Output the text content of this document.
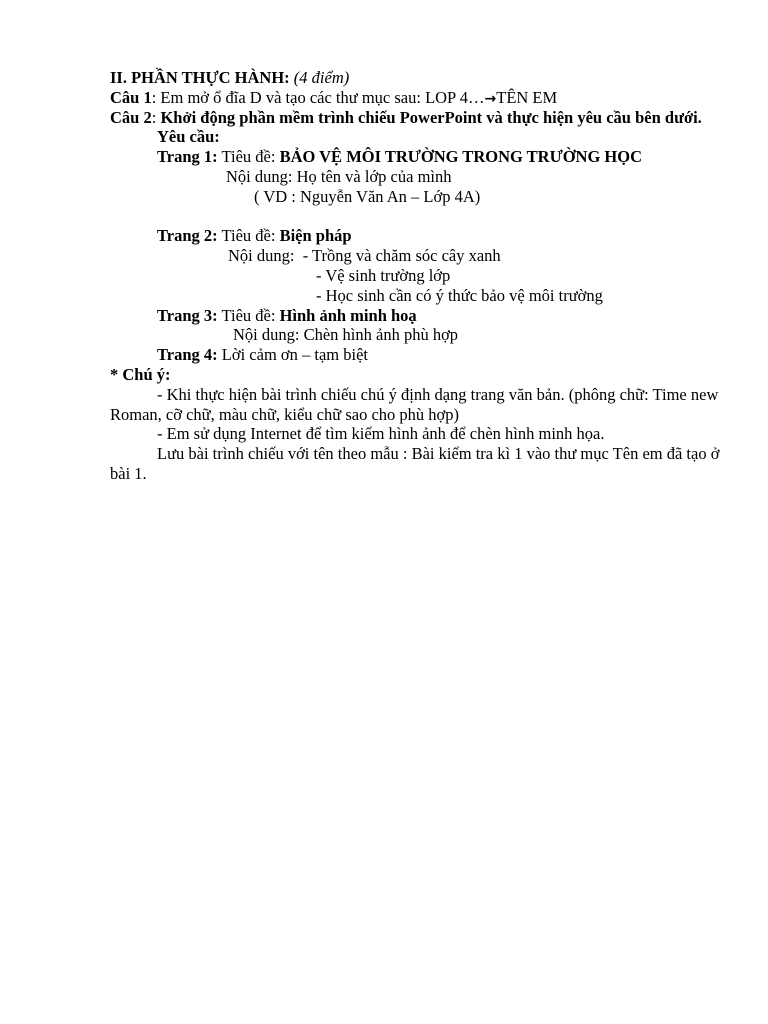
II. PHẦN THỰC HÀNH: (4 điểm)
Câu 1: Em mở ổ đĩa D và tạo các thư mục sau: LOP 4…→TÊN EM
Câu 2: Khởi động phần mềm trình chiếu PowerPoint và thực hiện yêu cầu bên dưới.
Yêu cầu:
Trang 1: Tiêu đề: BẢO VỆ MÔI TRƯỜNG TRONG TRƯỜNG HỌC
Nội dung: Họ tên và lớp của mình
( VD : Nguyễn Văn An – Lớp 4A)
Trang 2: Tiêu đề: Biện pháp
Nội dung:  - Trồng và chăm sóc cây xanh
- Vệ sinh trường lớp
- Học sinh cần có ý thức bảo vệ môi trường
Trang 3: Tiêu đề: Hình ảnh minh hoạ
Nội dung: Chèn hình ảnh phù hợp
Trang 4: Lời cảm ơn – tạm biệt
* Chú ý:
- Khi thực hiện bài trình chiếu chú ý định dạng trang văn bản. (phông chữ: Time new Roman, cỡ chữ, màu chữ, kiểu chữ sao cho phù hợp)
- Em sử dụng Internet để tìm kiếm hình ảnh để chèn hình minh họa.
Lưu bài trình chiếu với tên theo mẫu : Bài kiểm tra kì 1 vào thư mục Tên em đã tạo ở bài 1.
